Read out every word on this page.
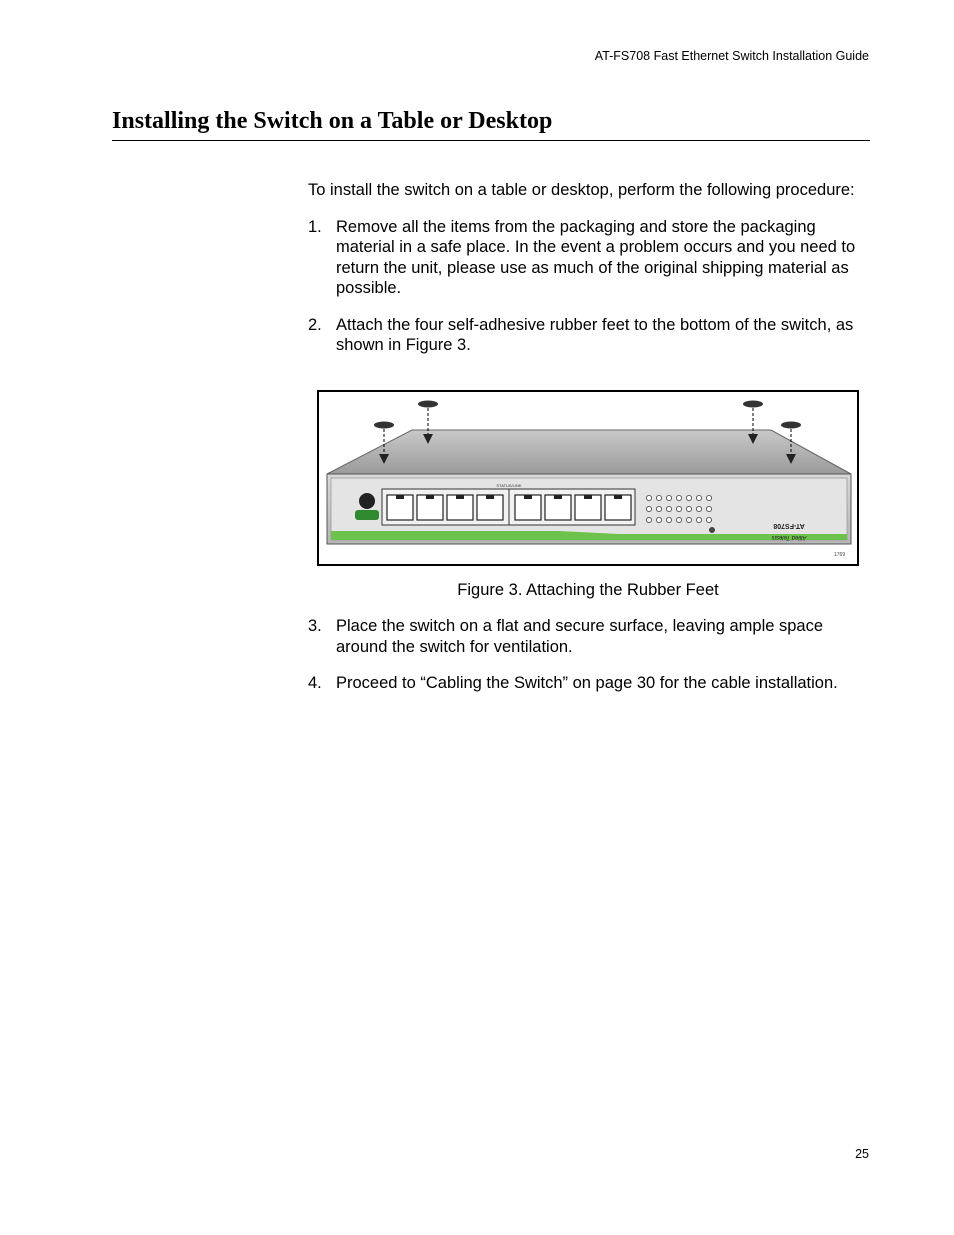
AT-FS708 Fast Ethernet Switch Installation Guide
Installing the Switch on a Table or Desktop

To install the switch on a table or desktop, perform the following procedure:

1. Remove all the items from the packaging and store the packaging material in a safe place. In the event a problem occurs and you need to return the unit, please use as much of the original shipping material as possible.
2. Attach the four self-adhesive rubber feet to the bottom of the switch, as shown in Figure 3.
STATUS/LINK
AT-FS708
Allied Telesis
1769

Figure 3. Attaching the Rubber Feet

3. Place the switch on a flat and secure surface, leaving ample space around the switch for ventilation.
4. Proceed to “Cabling the Switch” on page 30 for the cable installation.
25
